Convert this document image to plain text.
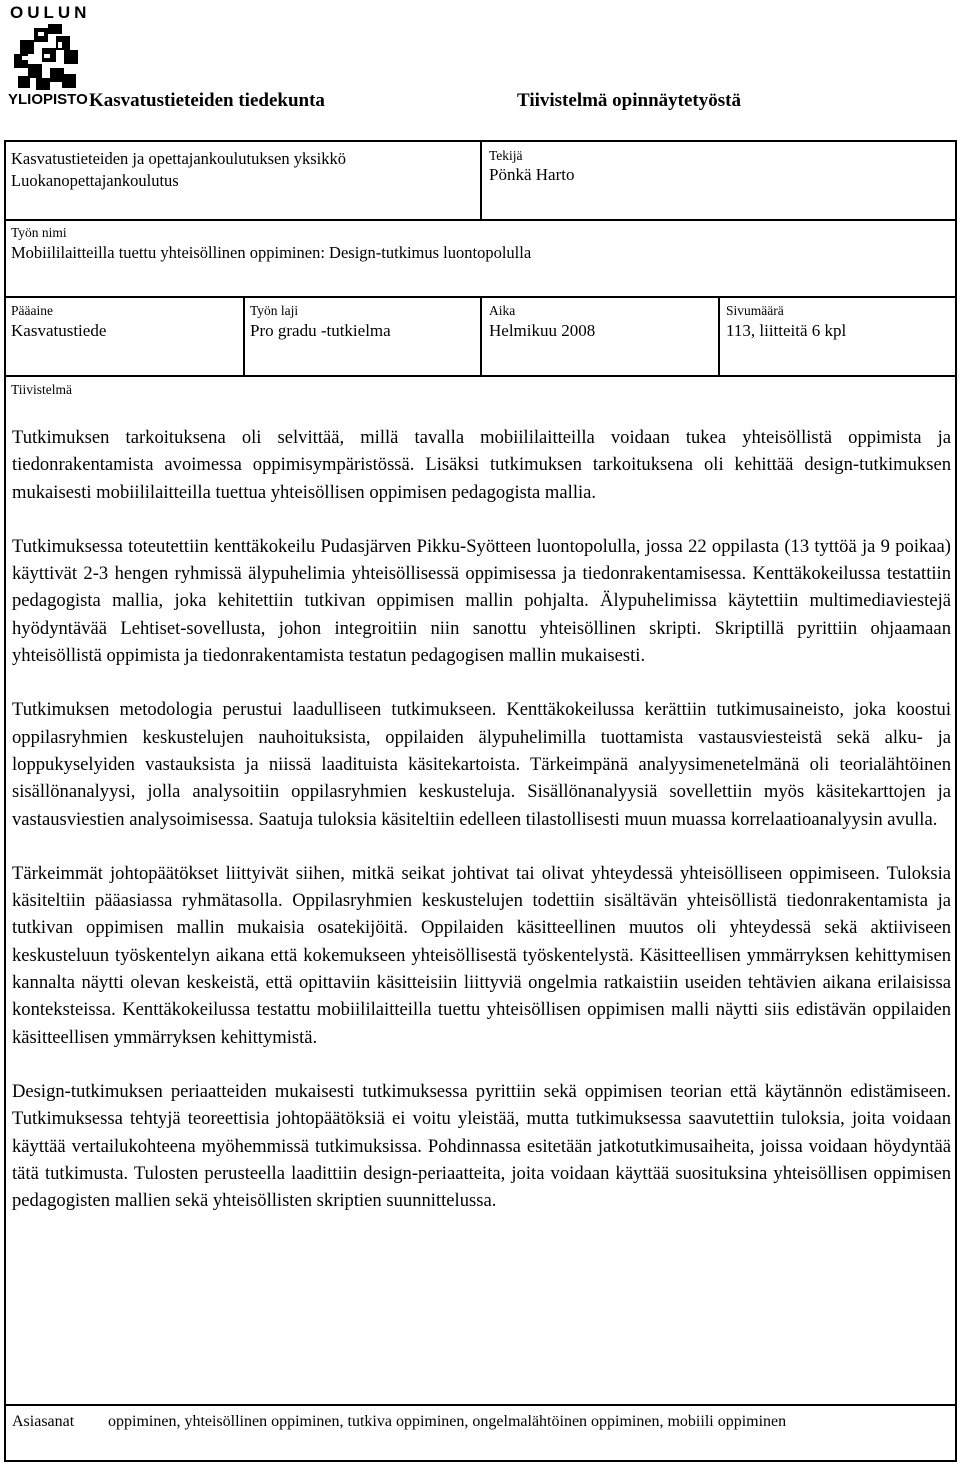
OULUN
YLIOPISTO Kasvatustieteiden tiedekunta	Tiivistelmä opinnäytetyöstä
Kasvatustieteiden ja opettajankoulutuksen yksikkö
Luokanopettajankoulutus
Tekijä
Pönkä Harto
Työn nimi
Mobiililaitteilla tuettu yhteisöllinen oppiminen: Design-tutkimus luontopolulla
Pääaine
Kasvatustiede
Työn laji
Pro gradu -tutkielma
Aika
Helmikuu 2008
Sivumäärä
113, liitteitä 6 kpl
Tiivistelmä

Tutkimuksen tarkoituksena oli selvittää, millä tavalla mobiililaitteilla voidaan tukea yhteisöllistä oppimista ja tiedonrakentamista avoimessa oppimisympäristössä. Lisäksi tutkimuksen tarkoituksena oli kehittää design-tutkimuksen mukaisesti mobiililaitteilla tuettua yhteisöllisen oppimisen pedagogista mallia.

Tutkimuksessa toteutettiin kenttäkokeilu Pudasjärven Pikku-Syötteen luontopolulla, jossa 22 oppilasta (13 tyttöä ja 9 poikaa) käyttivät 2-3 hengen ryhmissä älypuhelimia yhteisöllisessä oppimisessa ja tiedonrakentamisessa. Kenttäkokeilussa testattiin pedagogista mallia, joka kehitettiin tutkivan oppimisen mallin pohjalta. Älypuhelimissa käytettiin multimediaviestejä hyödyntävää Lehtiset-sovellusta, johon integroitiin niin sanottu yhteisöllinen skripti. Skriptillä pyrittiin ohjaamaan yhteisöllistä oppimista ja tiedonrakentamista testatun pedagogisen mallin mukaisesti.

Tutkimuksen metodologia perustui laadulliseen tutkimukseen. Kenttäkokeilussa kerättiin tutkimusaineisto, joka koostui oppilasryhmien keskustelujen nauhoituksista, oppilaiden älypuhelimilla tuottamista vastausviesteistä sekä alku- ja loppukyselyiden vastauksista ja niissä laadituista käsitekartoista. Tärkeimpänä analyysimenetelmänä oli teorialähtöinen sisällönanalyysi, jolla analysoitiin oppilasryhmien keskusteluja. Sisällönanalyysiä sovellettiin myös käsitekarttojen ja vastausviestien analysoimisessa. Saatuja tuloksia käsiteltiin edelleen tilastollisesti muun muassa korrelaatioanalyysin avulla.

Tärkeimmät johtopäätökset liittyivät siihen, mitkä seikat johtivat tai olivat yhteydessä yhteisölliseen oppimiseen. Tuloksia käsiteltiin pääasiassa ryhmätasolla. Oppilasryhmien keskustelujen todettiin sisältävän yhteisöllistä tiedonrakentamista ja tutkivan oppimisen mallin mukaisia osatekijöitä. Oppilaiden käsitteellinen muutos oli yhteydessä sekä aktiiviseen keskusteluun työskentelyn aikana että kokemukseen yhteisöllisestä työskentelystä. Käsitteellisen ymmärryksen kehittymisen kannalta näytti olevan keskeistä, että opittaviin käsitteisiin liittyviä ongelmia ratkaistiin useiden tehtävien aikana erilaisissa konteksteissa. Kenttäkokeilussa testattu mobiililaitteilla tuettu yhteisöllisen oppimisen malli näytti siis edistävän oppilaiden käsitteellisen ymmärryksen kehittymistä.

Design-tutkimuksen periaatteiden mukaisesti tutkimuksessa pyrittiin sekä oppimisen teorian että käytännön edistämiseen. Tutkimuksessa tehtyjä teoreettisia johtopäätöksiä ei voitu yleistää, mutta tutkimuksessa saavutettiin tuloksia, joita voidaan käyttää vertailukohteena myöhemmissä tutkimuksissa. Pohdinnassa esitetään jatkotutkimusaiheita, joissa voidaan höydyntää tätä tutkimusta. Tulosten perusteella laadittiin design-periaatteita, joita voidaan käyttää suosituksina yhteisöllisen oppimisen pedagogisten mallien sekä yhteisöllisten skriptien suunnittelussa.

Asiasanat oppiminen, yhteisöllinen oppiminen, tutkiva oppiminen, ongelmalähtöinen oppiminen, mobiili oppiminen
